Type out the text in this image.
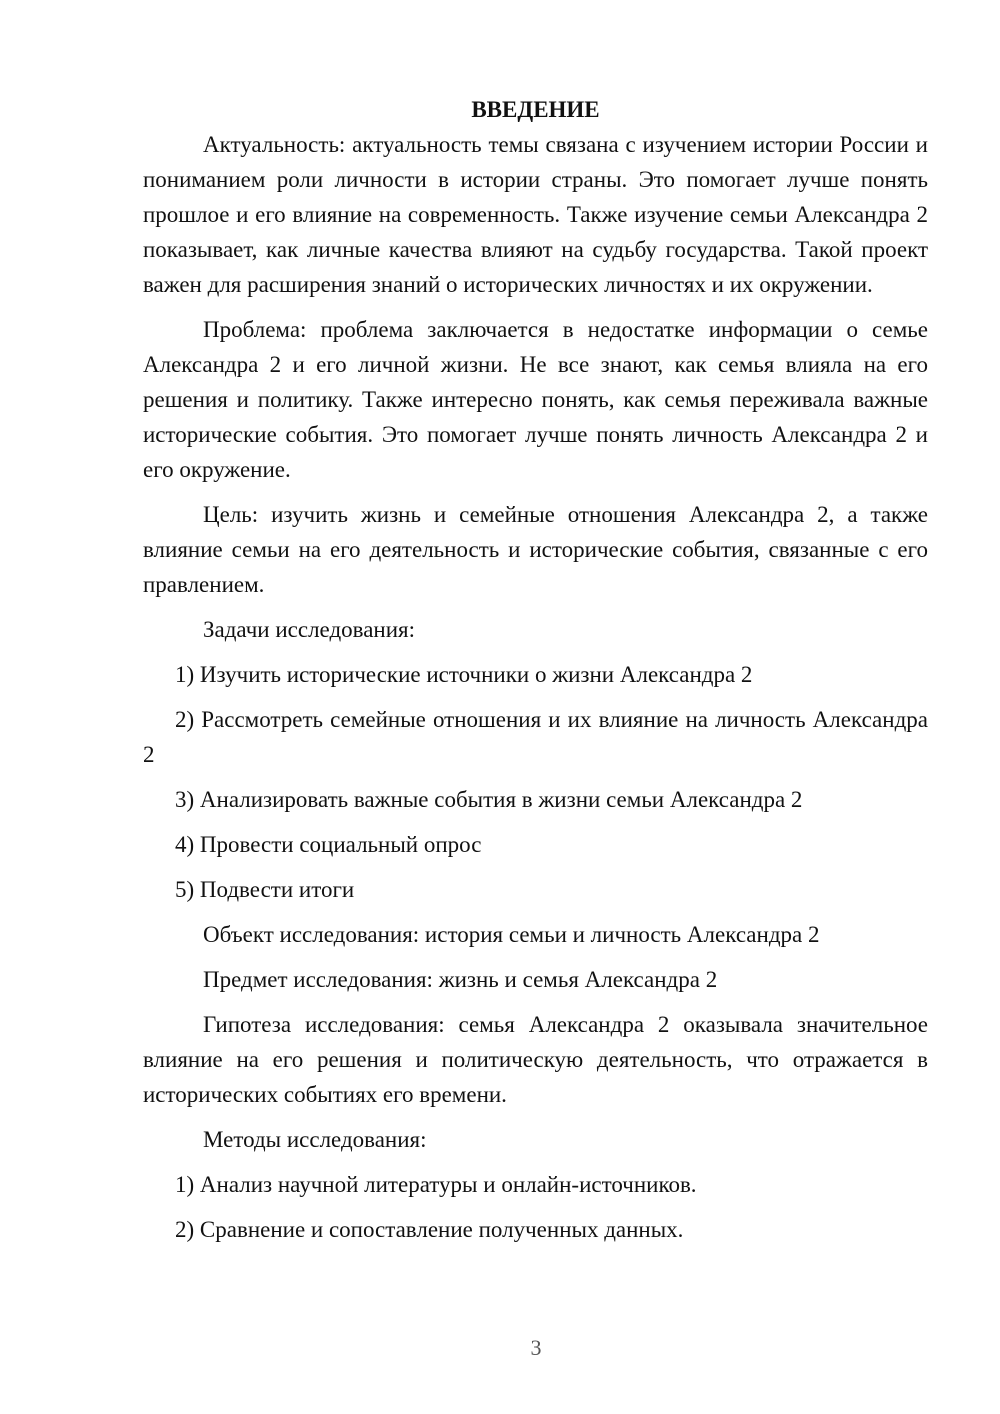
ВВЕДЕНИЕ

Актуальность: актуальность темы связана с изучением истории России и пониманием роли личности в истории страны. Это помогает лучше понять прошлое и его влияние на современность. Также изучение семьи Александра 2 показывает, как личные качества влияют на судьбу государства. Такой проект важен для расширения знаний о исторических личностях и их окружении.

Проблема: проблема заключается в недостатке информации о семье Александра 2 и его личной жизни. Не все знают, как семья влияла на его решения и политику. Также интересно понять, как семья переживала важные исторические события. Это помогает лучше понять личность Александра 2 и его окружение.

Цель: изучить жизнь и семейные отношения Александра 2, а также влияние семьи на его деятельность и исторические события, связанные с его правлением.

Задачи исследования:

1) Изучить исторические источники о жизни Александра 2

2) Рассмотреть семейные отношения и их влияние на личность Александра 2

3) Анализировать важные события в жизни семьи Александра 2

4) Провести социальный опрос

5) Подвести итоги

Объект исследования: история семьи и личность Александра 2

Предмет исследования: жизнь и семья Александра 2

Гипотеза исследования: семья Александра 2 оказывала значительное влияние на его решения и политическую деятельность, что отражается в исторических событиях его времени.

Методы исследования:

1) Анализ научной литературы и онлайн-источников.

2) Сравнение и сопоставление полученных данных.

3
